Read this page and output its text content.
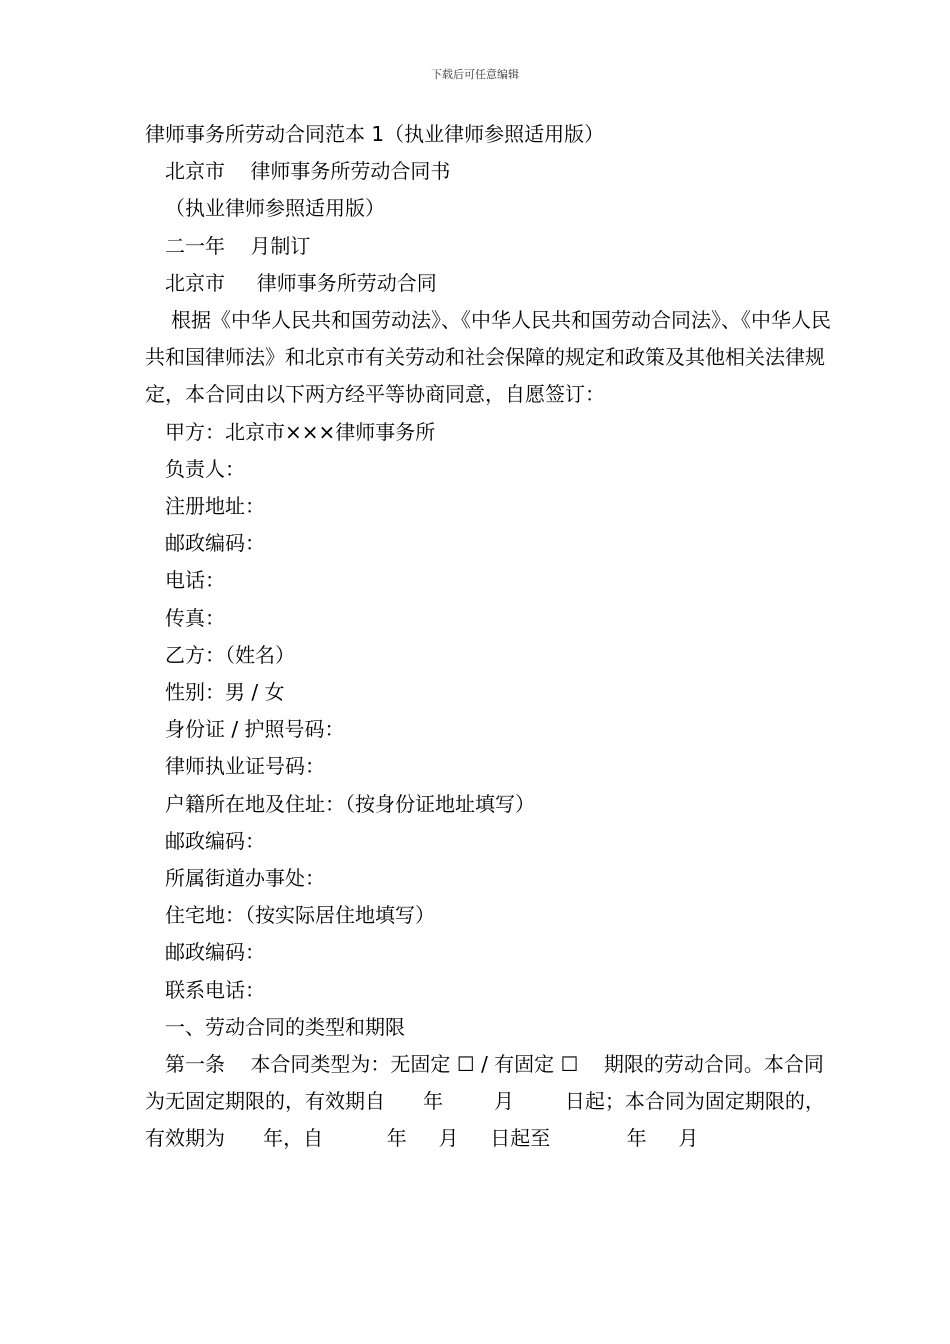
下载后可任意编辑

律师事务所劳动合同范本 1（执业律师参照适用版）

北京市    律师事务所劳动合同书

（执业律师参照适用版）

二一年    月制订

北京市     律师事务所劳动合同

根据《中华人民共和国劳动法》、《中华人民共和国劳动合同法》、《中华人民共和国律师法》和北京市有关劳动和社会保障的规定和政策及其他相关法律规定，本合同由以下两方经平等协商同意，自愿签订：

甲方：北京市×××律师事务所

负责人：

注册地址：

邮政编码：

电话：

传真：

乙方：（姓名）

性别：男 / 女

身份证 / 护照号码：

律师执业证号码：

户籍所在地及住址：（按身份证地址填写）

邮政编码：

所属街道办事处：

住宅地：（按实际居住地填写）

邮政编码：

联系电话：

一、劳动合同的类型和期限

第一条    本合同类型为：无固定 ☐ / 有固定 ☐    期限的劳动合同。本合同为无固定期限的，有效期自      年        月        日起；本合同为固定期限的，有效期为      年，自          年     月     日起至            年     月
